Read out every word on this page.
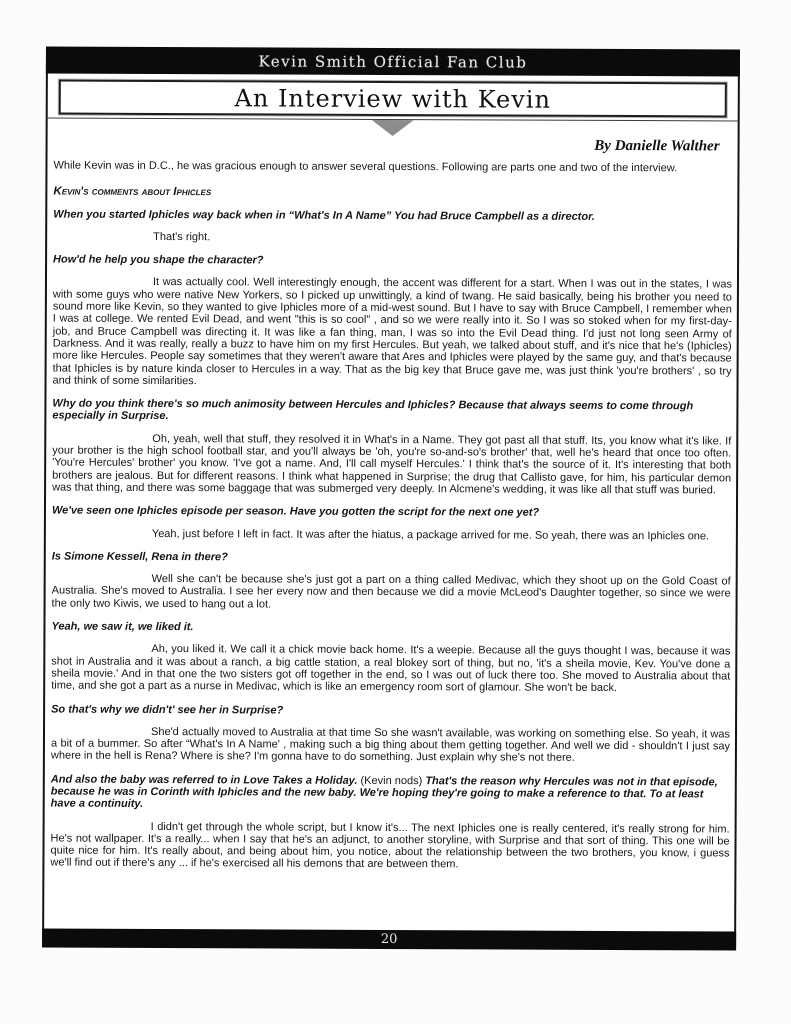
Kevin Smith Official Fan Club
An Interview with Kevin
By Danielle Walther

While Kevin was in D.C., he was gracious enough to answer several questions. Following are parts one and two of the interview.

Kevin's comments about Iphicles

When you started Iphicles way back when in “What's In A Name” You had Bruce Campbell as a director.

That's right.

How'd he help you shape the character?

It was actually cool. Well interestingly enough, the accent was different for a start. When I was out in the states, I was with some guys who were native New Yorkers, so I picked up unwittingly, a kind of twang. He said basically, being his brother you need to sound more like Kevin, so they wanted to give Iphicles more of a mid-west sound. But I have to say with Bruce Campbell, I remember when I was at college. We rented Evil Dead, and went "this is so cool" , and so we were really into it. So I was so stoked when for my first-day-job, and Bruce Campbell was directing it. It was like a fan thing, man, I was so into the Evil Dead thing. I'd just not long seen Army of Darkness. And it was really, really a buzz to have him on my first Hercules. But yeah, we talked about stuff, and it's nice that he's (Iphicles) more like Hercules. People say sometimes that they weren't aware that Ares and Iphicles were played by the same guy, and that's because that Iphicles is by nature kinda closer to Hercules in a way. That as the big key that Bruce gave me, was just think 'you're brothers' , so try and think of some similarities.

Why do you think there's so much animosity between Hercules and Iphicles? Because that always seems to come through especially in Surprise.

Oh, yeah, well that stuff, they resolved it in What's in a Name. They got past all that stuff. Its, you know what it's like. If your brother is the high school football star, and you'll always be 'oh, you're so-and-so's brother' that, well he's heard that once too often. 'You're Hercules' brother' you know. 'I've got a name. And, I'll call myself Hercules.' I think that's the source of it. It's interesting that both brothers are jealous. But for different reasons. I think what happened in Surprise; the drug that Callisto gave, for him, his particular demon was that thing, and there was some baggage that was submerged very deeply. In Alcmene's wedding, it was like all that stuff was buried.

We've seen one Iphicles episode per season. Have you gotten the script for the next one yet?

Yeah, just before I left in fact. It was after the hiatus, a package arrived for me. So yeah, there was an Iphicles one.

Is Simone Kessell, Rena in there?

Well she can't be because she's just got a part on a thing called Medivac, which they shoot up on the Gold Coast of Australia. She's moved to Australia. I see her every now and then because we did a movie McLeod's Daughter together, so since we were the only two Kiwis, we used to hang out a lot.

Yeah, we saw it, we liked it.

Ah, you liked it. We call it a chick movie back home. It's a weepie. Because all the guys thought I was, because it was shot in Australia and it was about a ranch, a big cattle station, a real blokey sort of thing, but no, 'it's a sheila movie, Kev. You've done a sheila movie.' And in that one the two sisters got off together in the end, so I was out of luck there too. She moved to Australia about that time, and she got a part as a nurse in Medivac, which is like an emergency room sort of glamour. She won't be back.

So that's why we didn't' see her in Surprise?

She'd actually moved to Australia at that time So she wasn't available, was working on something else. So yeah, it was a bit of a bummer. So after “What's In A Name' , making such a big thing about them getting together. And well we did - shouldn't I just say where in the hell is Rena? Where is she? I'm gonna have to do something. Just explain why she's not there.

And also the baby was referred to in Love Takes a Holiday. (Kevin nods) That's the reason why Hercules was not in that episode, because he was in Corinth with Iphicles and the new baby. We're hoping they're going to make a reference to that. To at least have a continuity.

I didn't get through the whole script, but I know it's... The next Iphicles one is really centered, it's really strong for him. He's not wallpaper. It's a really... when I say that he's an adjunct, to another storyline, with Surprise and that sort of thing. This one will be quite nice for him. It's really about, and being about him, you notice, about the relationship between the two brothers, you know, i guess we'll find out if there's any ... if he's exercised all his demons that are between them.

20
